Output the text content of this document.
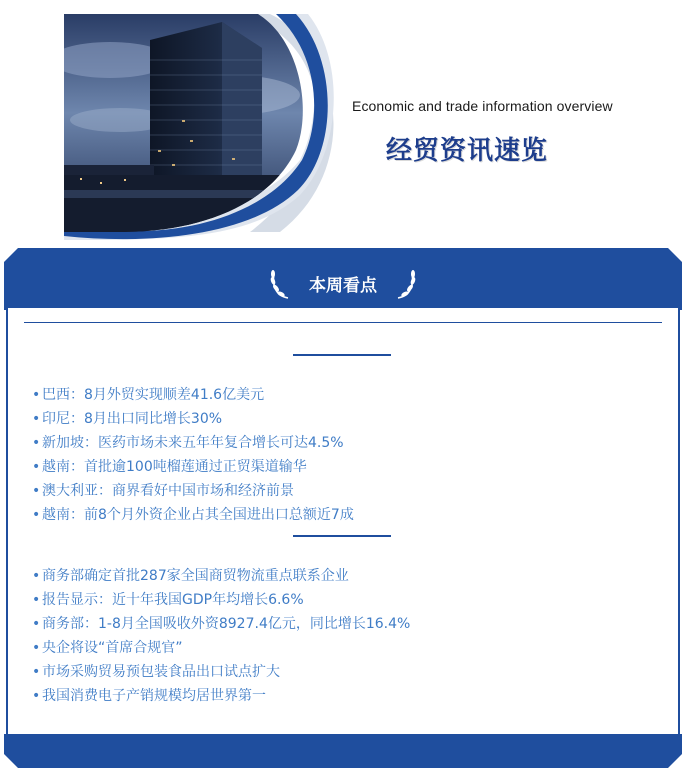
Economic and trade information overview
经贸资讯速览
本周看点
• 巴西：8月外贸实现顺差41.6亿美元
• 印尼：8月出口同比增长30%
• 新加坡：医药市场未来五年年复合增长可达4.5%
• 越南：首批逾100吨榴莲通过正贸渠道输华
• 澳大利亚：商界看好中国市场和经济前景
• 越南：前8个月外资企业占其全国进出口总额近7成
• 商务部确定首批287家全国商贸物流重点联系企业
• 报告显示：近十年我国GDP年均增长6.6%
• 商务部：1-8月全国吸收外资8927.4亿元，同比增长16.4%
• 央企将设“首席合规官”
• 市场采购贸易预包装食品出口试点扩大
• 我国消费电子产销规模均居世界第一
